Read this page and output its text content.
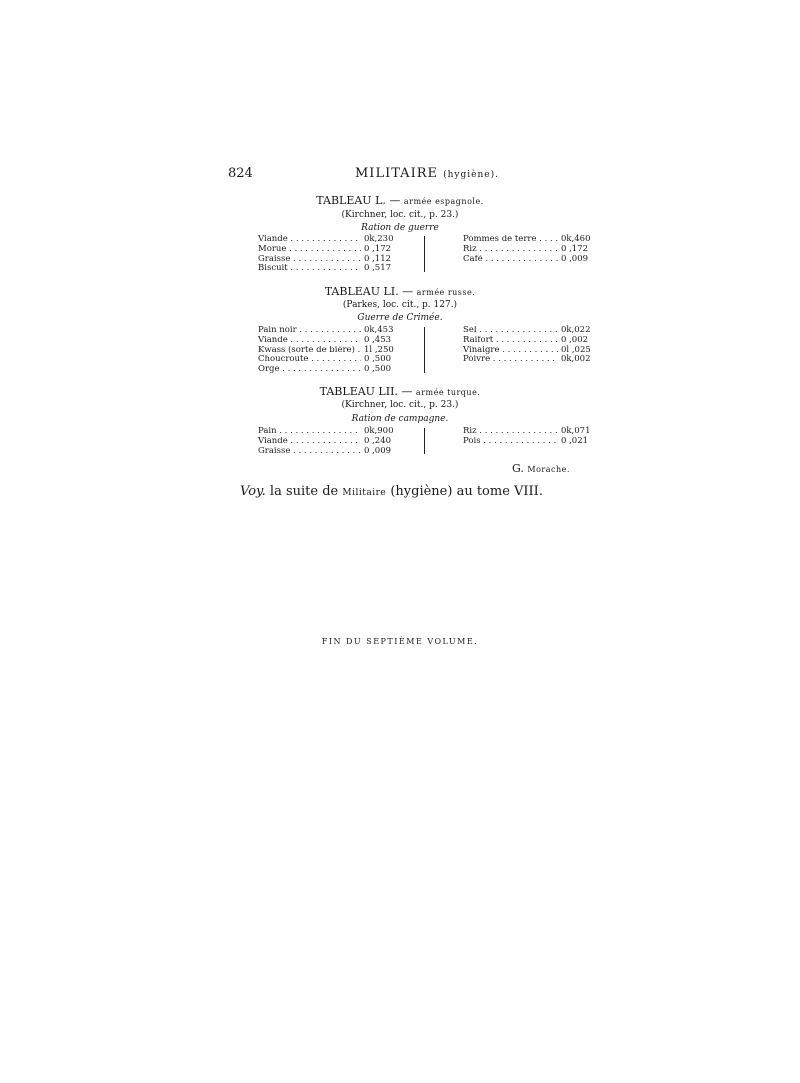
824	MILITAIRE (hygiène).
TABLEAU L. — armée espagnole.
(Kirchner, loc. cit., p. 23.)
Ration de guerre
Viande . . .	0k,230
Morue . . .	0 ,172
Graisse . . .	0 ,112
Biscuit . . .	0 ,517
Pommes de terre . . .	0k,460
Riz . . .	0 ,172
Café . . .	0 ,009
TABLEAU LI. — armée russe.
(Parkes, loc. cit., p. 127.)
Guerre de Crimée.
Pain noir . . .	0k,453
Viande . . .	0 ,453
Kwass (sorte de bière) . . .	1l ,250
Choucroute . . .	0 ,500
Orge . . .	0 ,500
Sel . . .	0k,022
Raifort . . .	0 ,002
Vinaigre . . .	0l ,025
Poivre . . .	0k,002
TABLEAU LII. — armée turque.
(Kirchner, loc. cit., p. 23.)
Ration de campagne.
Pain . . .	0k,900
Viande . . .	0 ,240
Graisse . . .	0 ,009
Riz . . .	0k,071
Pois . . .	0 ,021
G. Morache.
Voy. la suite de Militaire (hygiène) au tome VIII.
FIN DU SEPTIÈME VOLUME.
